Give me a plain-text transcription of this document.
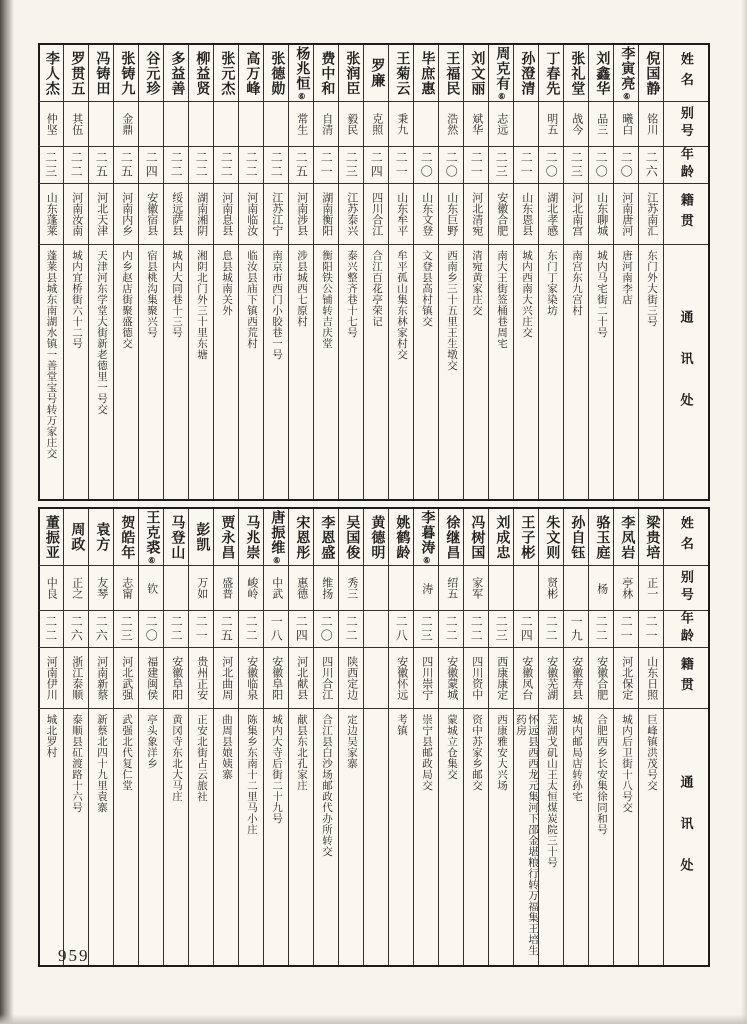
姓名
别号
年龄
籍贯
通讯处
倪国静
铭川
二六
江苏南汇
东门外大街三号
李寅亮
⑥
曦白
二〇
河南唐河
唐河南李店
刘鑫华
品三
二〇
山东聊城
城内马宅街二十号
张礼堂
战今
二三
河北南宫
南宫东九宫村
丁春先
明五
二〇
湖北孝感
东门丁家染坊
孙澄清
二一
山东恩县
城内西南大兴庄交
周克有
⑥
志远
二三
安徽合肥
南大王街签桶巷周宅
刘文丽
斌华
二一
河北清宛
清宛黄家庄交
王福民
浩然
二〇
山东巨野
西南乡三十五里王生墩交
毕庶惠
二〇
山东文登
文登县高村镇交
王菊云
秉九
二一
山东牟平
牟平孤山集东林家村交
罗廉
克照
二四
四川合江
合江百花亭荣记
张润臣
毅民
二三
江苏泰兴
泰兴整齐巷十七号
费中和
自清
二一
湖南衡阳
衡阳铁公铺转吉庆堂
杨兆恒
⑥
常生
二五
河南涉县
涉县城西七原村
张德勋
二二
江苏江宁
南京市西门小胶巷一号
高万峰
二二
河南临汝
临汝县庙下镇西荒村
张元杰
二二
河南息县
息县城南关外
柳益贤
二二
湖南湘阴
湘阴北门外三十里东塘
多益善
二二
绥远萨县
城内大同巷十三号
谷元珍
二四
安徽宿县
宿县桃沟集聚兴号
张铸九
金鼎
二五
河南内乡
内乡赵店街聚盛德交
冯铸田
二五
河北天津
天津河东学堂大街新老德里一号交
罗贯五
其伍
二二
河南汝南
城内宜桥街六十二号
李人杰
仲坚
二三
山东蓬莱
蓬莱县城东南湖水镇一善堂宝号转万家庄交
姓名
别号
年龄
籍贯
通讯处
梁贵培
正一
二一
山东日照
巨峰镇洪茂号交
李凤岩
亭林
二一
河北保定
城内后卫街十八号交
骆玉庭
杨
二二
安徽合肥
合肥西乡长安集徐同和号
孙自钰
一九
安徽寿县
城内邮局店转孙宅
朱文则
贤彬
二二
安徽芜湖
芜湖戈矶山王太恒煤炭院三十号
王子彬
二四
安徽凤台
怀远县西西龙元集河下邵金堪粮行转万福集王培生药房
刘成忠
二三
西康康定
西康雅安大兴场
冯树国
家军
二二
四川资中
资中苏家乡邮交
徐继昌
绍五
二二
安徽蒙城
蒙城立仓集交
李暮涛
⑥
涛
二三
四川崇宁
崇宁县邮政局交
姚鹤龄
二八
安徽怀远
考镇
黄德明
吴国俊
秀三
二二
陕西定边
定边吴家寨
李恩盛
维扬
二〇
四川合江
合江县白沙场邮政代办所转交
宋恩彤
惠德
二四
河北献县
献县东北孔家庄
唐振维
⑥
中武
一八
安徽阜阳
城内大寺后街二十九号
马兆崇
峻岭
二二
安徽临泉
陈集乡东南十二里马小庄
贾永昌
盛普
二五
河北曲周
曲周县娘姨寨
彭凯
万如
二一
贵州正安
正安北街占云旅社
马登山
二二
安徽阜阳
黄冈寺东北大马庄
王克裘
⑥
钦
二〇
福建闽侯
亭头象洋乡
贺皓年
志甯
二三
河北武强
武强北代复仁堂
袁方
友琴
二六
河南新蔡
新蔡北四十九里袁寨
周政
正之
二六
浙江泰顺
泰顺县矼渡路十六号
董振亚
中良
二二
河南伊川
城北罗村
959
